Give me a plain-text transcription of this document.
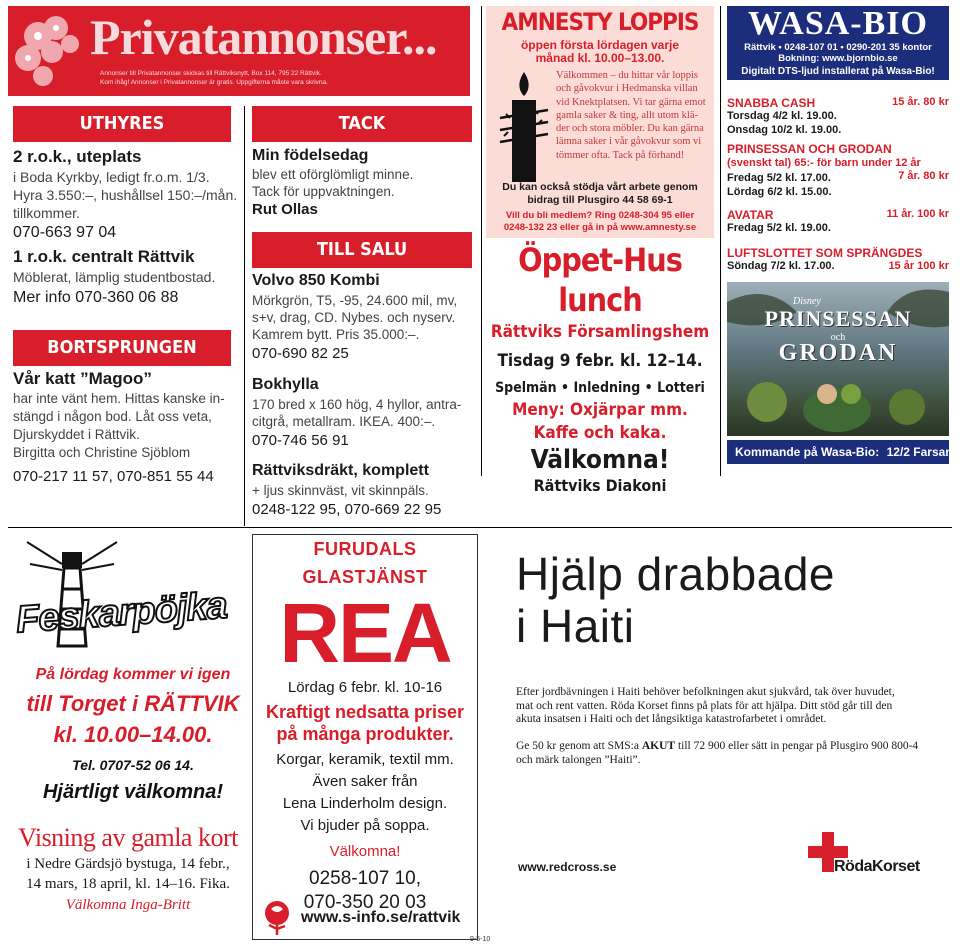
Privatannonser...
Annonser till Privatannonser skickas till Rättviksnytt, Box 114, 795 22 Rättvik.
Kom ihåg! Annonser i Privatannonser är gratis. Uppgifterna måste vara skrivna.
UTHYRES
2 r.o.k., uteplats
i Boda Kyrkby, ledigt fr.o.m. 1/3.
Hyra 3.550:–, hushållsel 150:–/mån.
tillkommer.
070-663 97 04
1 r.o.k. centralt Rättvik
Möblerat, lämplig studentbostad.
Mer info 070-360 06 88
BORTSPRUNGEN
Vår katt ”Magoo”
har inte vänt hem. Hittas kanske in-
stängd i någon bod. Låt oss veta,
Djurskyddet i Rättvik.
Birgitta och Christine Sjöblom
070-217 11 57, 070-851 55 44
TACK
Min födelsedag
blev ett oförglömligt minne.
Tack för uppvaktningen.
Rut Ollas
TILL SALU
Volvo 850 Kombi
Mörkgrön, T5, -95, 24.600 mil, mv,
s+v, drag, CD. Nybes. och nyserv.
Kamrem bytt. Pris 35.000:–.
070-690 82 25
Bokhylla
170 bred x 160 hög, 4 hyllor, antra-
citgrå, metallram. IKEA. 400:–.
070-746 56 91
Rättviksdräkt, komplett
+ ljus skinnväst, vit skinnpäls.
0248-122 95, 070-669 22 95
AMNESTY LOPPIS
öppen första lördagen varje
månad kl. 10.00–13.00.
Välkommen – du hittar vår loppis
och gåvokvur i Hedmanska villan
vid Knektplatsen. Vi tar gärna emot
gamla saker & ting, allt utom klä-
der och stora möbler. Du kan gärna
lämna saker i vår gåvokvur som vi
tömmer ofta. Tack på förhand!
Du kan också stödja vårt arbete genom
bidrag till Plusgiro 44 58 69-1
Vill du bli medlem? Ring 0248-304 95 eller
0248-132 23 eller gå in på www.amnesty.se
Öppet-Hus lunch
Rättviks Församlingshem
Tisdag 9 febr. kl. 12–14.
Spelmän • Inledning • Lotteri
Meny: Oxjärpar mm.
Kaffe och kaka.
Välkomna!
Rättviks Diakoni
WASA-BIO
Rättvik • 0248-107 01 • 0290-201 35 kontor
Bokning: www.bjornbio.se
Digitalt DTS-ljud installerat på Wasa-Bio!
SNABBA CASH	15 år. 80 kr
Torsdag 4/2 kl. 19.00.
Onsdag 10/2 kl. 19.00.
PRINSESSAN OCH GRODAN
(svenskt tal) 65:- för barn under 12 år
7 år. 80 kr
Fredag 5/2 kl. 17.00.
Lördag 6/2 kl. 15.00.
AVATAR	11 år. 100 kr
Fredag 5/2 kl. 19.00.
LUFTSLOTTET SOM SPRÄNGDES
15 år 100 kr
Söndag 7/2 kl. 17.00.
Disney
PRINSESSAN
och
GRODAN
Kommande på Wasa-Bio: 12/2 Farsan
Feskarpöjka
På lördag kommer vi igen
till Torget i RÄTTVIK
kl. 10.00–14.00.
Tel. 0707-52 06 14.
Hjärtligt välkomna!
Visning av gamla kort
i Nedre Gärdsjö bystuga, 14 febr.,
14 mars, 18 april, kl. 14–16. Fika.
Välkomna Inga-Britt
FURUDALS GLASTJÄNST
REA
Lördag 6 febr. kl. 10-16
Kraftigt nedsatta priser
på många produkter.
Korgar, keramik, textil mm.
Även saker från
Lena Linderholm design.
Vi bjuder på soppa.
Välkomna!
0258-107 10,
070-350 20 03
www.s-info.se/rattvik
Hjälp drabbade
i Haiti
Efter jordbävningen i Haiti behöver befolkningen akut sjukvård, tak över huvudet,
mat och rent vatten. Röda Korset finns på plats för att hjälpa. Ditt stöd går till den
akuta insatsen i Haiti och det långsiktiga katastrofarbetet i området.
Ge 50 kr genom att SMS:a AKUT till 72 900 eller sätt in pengar på Plusgiro 900 800-4
och märk talongen ”Haiti”.
www.redcross.se	RödaKorset
9-5-10
